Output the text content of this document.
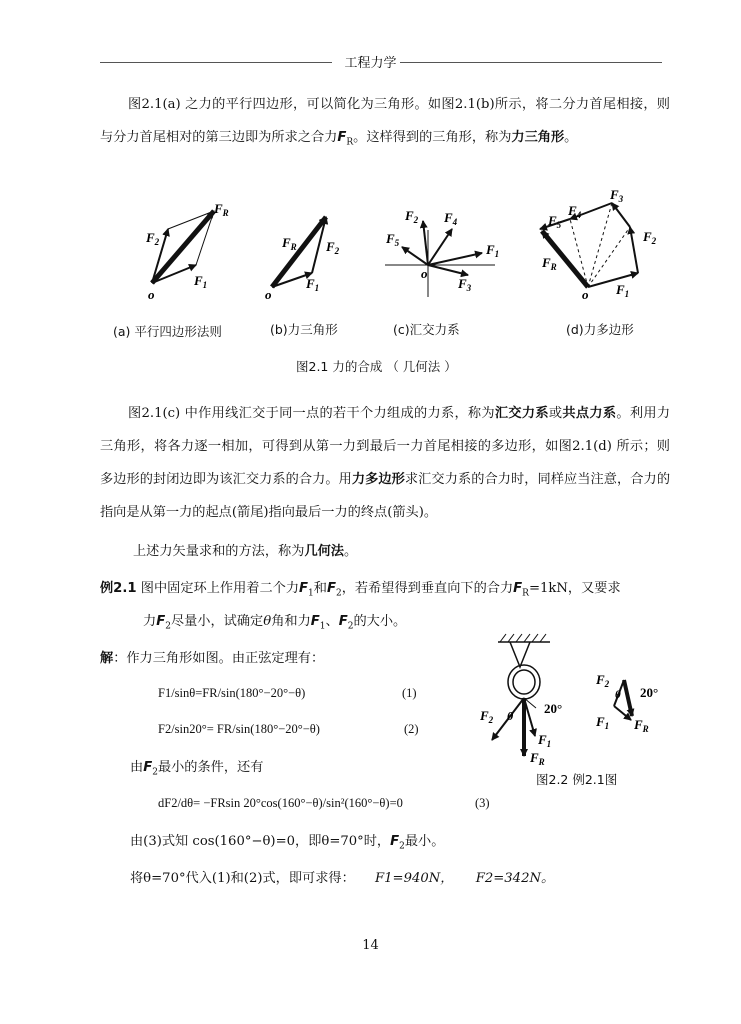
工程力学
图2.1(a) 之力的平行四边形，可以简化为三角形。如图2.1(b)所示，将二分力首尾相接，则与分力首尾相对的第三边即为所求之合力$F_R$。这样得到的三角形，称为力三角形。
$F_2$
$F_R$
$F_1$
o
$F_R$ $F_2$
$F_1$
o
$F_2$ $F_4$
$F_5$	$F_1$
$F_3$
o
$F_3$
$F_4$
$F_5$
$F_2$
$F_R$
$F_1$
o
(a) 平行四边形法则	(b)力三角形	(c)汇交力系	(d)力多边形
图2.1 力的合成 （ 几何法 ）
图2.1(c) 中作用线汇交于同一点的若干个力组成的力系，称为汇交力系或共点力系。利用力三角形，将各力逐一相加，可得到从第一力到最后一力首尾相接的多边形，如图2.1(d) 所示；则多边形的封闭边即为该汇交力系的合力。用力多边形求汇交力系的合力时，同样应当注意，合力的指向是从第一力的起点(箭尾)指向最后一力的终点(箭头)。
上述力矢量求和的方法，称为几何法。
例2.1 图中固定环上作用着二个力$F_1$和$F_2$，若希望得到垂直向下的合力$F_R=1kN$，又要求
力$F_2$尽量小，试确定θ角和力$F_1$、$F_2$的大小。
解：作力三角形如图。由正弦定理有：
F1/sinθ=FR/sin(180°−20°−θ)	(1)
F2/sin20°= FR/sin(180°−20°−θ)	(2)
由$F_2$最小的条件，还有
dF2/dθ= −FRsin 20°cos(160°−θ)/sin²(160°−θ)=0	(3)
由(3)式知 cos(160°−θ)=0，即θ=70°时，$F_2$最小。
将θ=70°代入(1)和(2)式，即可求得： F1=940N， F2=342N。
$F_2$ θ 20°
$F_1$
$F_R$
$F_2$
θ 20°
$F_1$ $F_R$
图2.2 例2.1图
14
